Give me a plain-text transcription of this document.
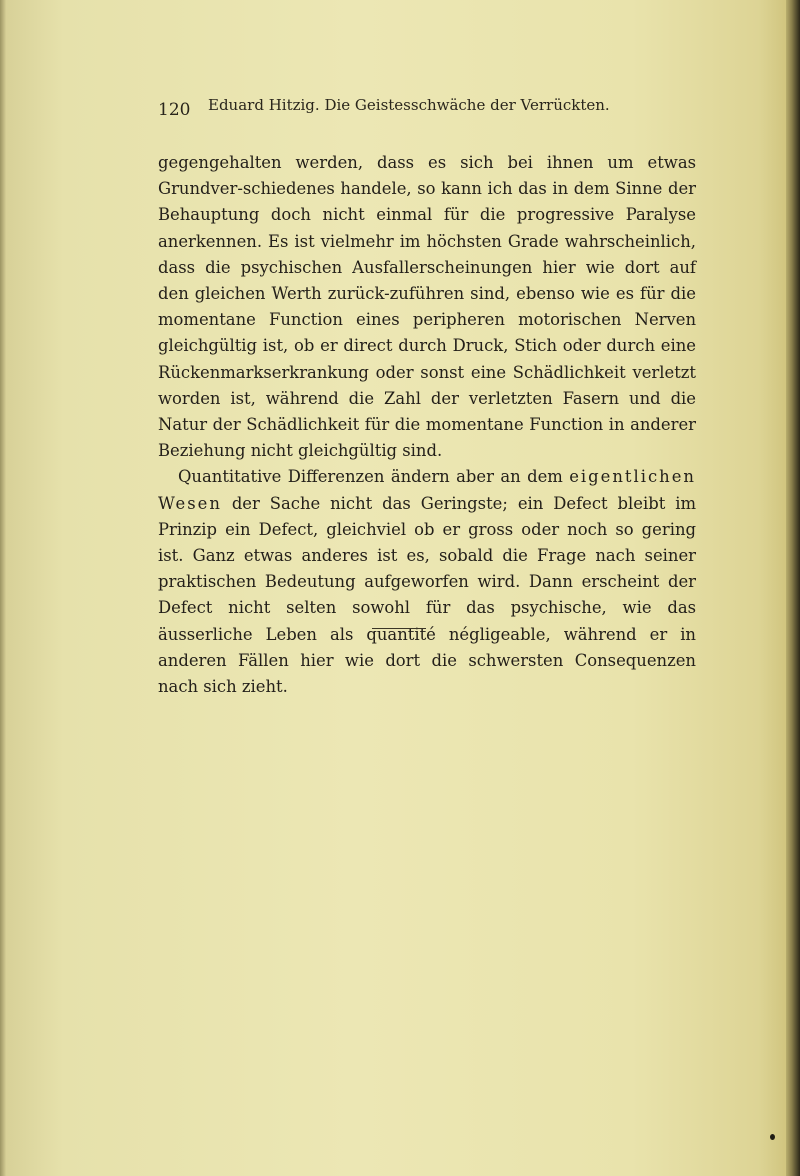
120 Eduard Hitzig. Die Geistesschwäche der Verrückten.

gegengehalten werden, dass es sich bei ihnen um etwas Grundver-schiedenes handele, so kann ich das in dem Sinne der Behauptung doch nicht einmal für die progressive Paralyse anerkennen. Es ist vielmehr im höchsten Grade wahrscheinlich, dass die psychischen Ausfallerscheinungen hier wie dort auf den gleichen Werth zurück-zuführen sind, ebenso wie es für die momentane Function eines peripheren motorischen Nerven gleichgültig ist, ob er direct durch Druck, Stich oder durch eine Rückenmarkserkrankung oder sonst eine Schädlichkeit verletzt worden ist, während die Zahl der verletzten Fasern und die Natur der Schädlichkeit für die momentane Function in anderer Beziehung nicht gleichgültig sind.

Quantitative Differenzen ändern aber an dem eigentlichen Wesen der Sache nicht das Geringste; ein Defect bleibt im Prinzip ein Defect, gleichviel ob er gross oder noch so gering ist. Ganz etwas anderes ist es, sobald die Frage nach seiner praktischen Bedeutung aufgeworfen wird. Dann erscheint der Defect nicht selten sowohl für das psychische, wie das äusserliche Leben als quantité négligeable, während er in anderen Fällen hier wie dort die schwersten Consequenzen nach sich zieht.
